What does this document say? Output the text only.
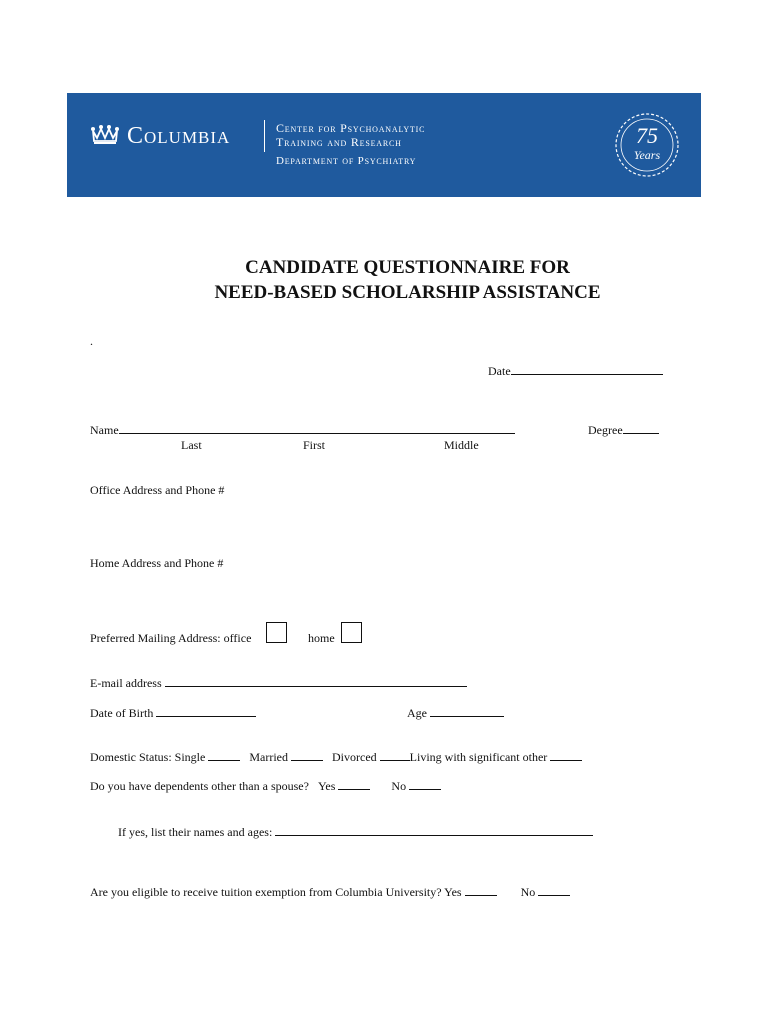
Columbia	Center for Psychoanalytic
Training and Research
Department of Psychiatry
75
Years
CANDIDATE QUESTIONNAIRE FOR
NEED-BASED SCHOLARSHIP ASSISTANCE
.
Date
Name	Degree
Last	First	Middle
Office Address and Phone #
Home Address and Phone #
Preferred Mailing Address: office	home
E-mail address
Date of Birth	Age
Domestic Status: Single	Married	Divorced	Living with significant other
Do you have dependents other than a spouse? Yes	No
If yes, list their names and ages:
Are you eligible to receive tuition exemption from Columbia University? Yes	No
